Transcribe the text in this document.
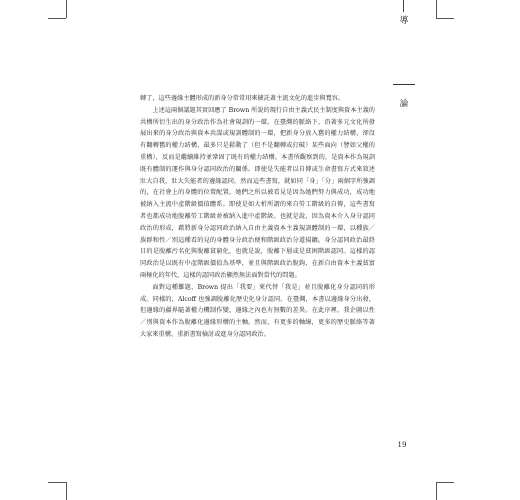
導
論

轉了，這些邊緣主體形成的新身分常常用來擴託著主流文化的進步與寬容。

上述這兩個議題其實回應了 Brown 所說的現行自由主義式民主制度與資本主義的共構所衍生出的身分政治作為社會規訓的一環。在臺灣的脈絡下，沿著多元文化所發展出來的身分政治與資本共謀或規訓體制的一環，把新身分放入舊的權力結構，卻沒有翻轉舊的權力結構，最多只是鬆動了（但不是翻轉或打破）某些面向（譬如父權的重構），反而是繼續維持並鞏固了既有的權力結構。本書所觀察到的，是資本作為規訓既有體制的運作與身分認同政治的關係。即使是失能者以自傳或生命書寫方式來敘述壯大自我，壯大失能者的邊緣認同，然而這些書寫，就如同「身」「分」兩個字所強調的，在社會上的身體的位置配置，她們之所以被看見是因為她們努力與成功，成功地被納入主流中產階級價值體系。即使是如大析所謂的來自勞工階級的自傳，這些書寫者也都成功地脫離勞工階級並被納入進中產階級。也就是說，因為資本介入身分認同政治的形成，藉將新身分認同政治納入自由主義資本主義規訓體制的一環，以種族／族群和性／別這種看的見的身體身分政治便和階級政治分道揚鑣。身分認同政治最終目的是脫離污名化與脫離貧窮化，也就是說，脫離下層或是貧困階級認同。這樣的認同政治是以既有中產階級價值為基準，並且與階級政治脫鉤，在新自由資本主義貧富兩極化的年代，這樣的認同政治顯然無法面對當代的問題。

面對這種難題，Brown 提出「我要」來代替「我是」並且脫離化身分認同的形成。同樣的，Alcoff 也強調脫離化歷史化身分認同。在臺灣，本書以邊緣身分出發，但邊緣的疆界隨著權力機制作變，邊緣之內也有無數的差異。在此序裡，我企圖以性／別與資本作為脫離化邊緣形構的主軸。然而，有更多的軸線，更多的歷史脈絡等著大家來重構、重新書寫檢討或進身分認同政治。

19
